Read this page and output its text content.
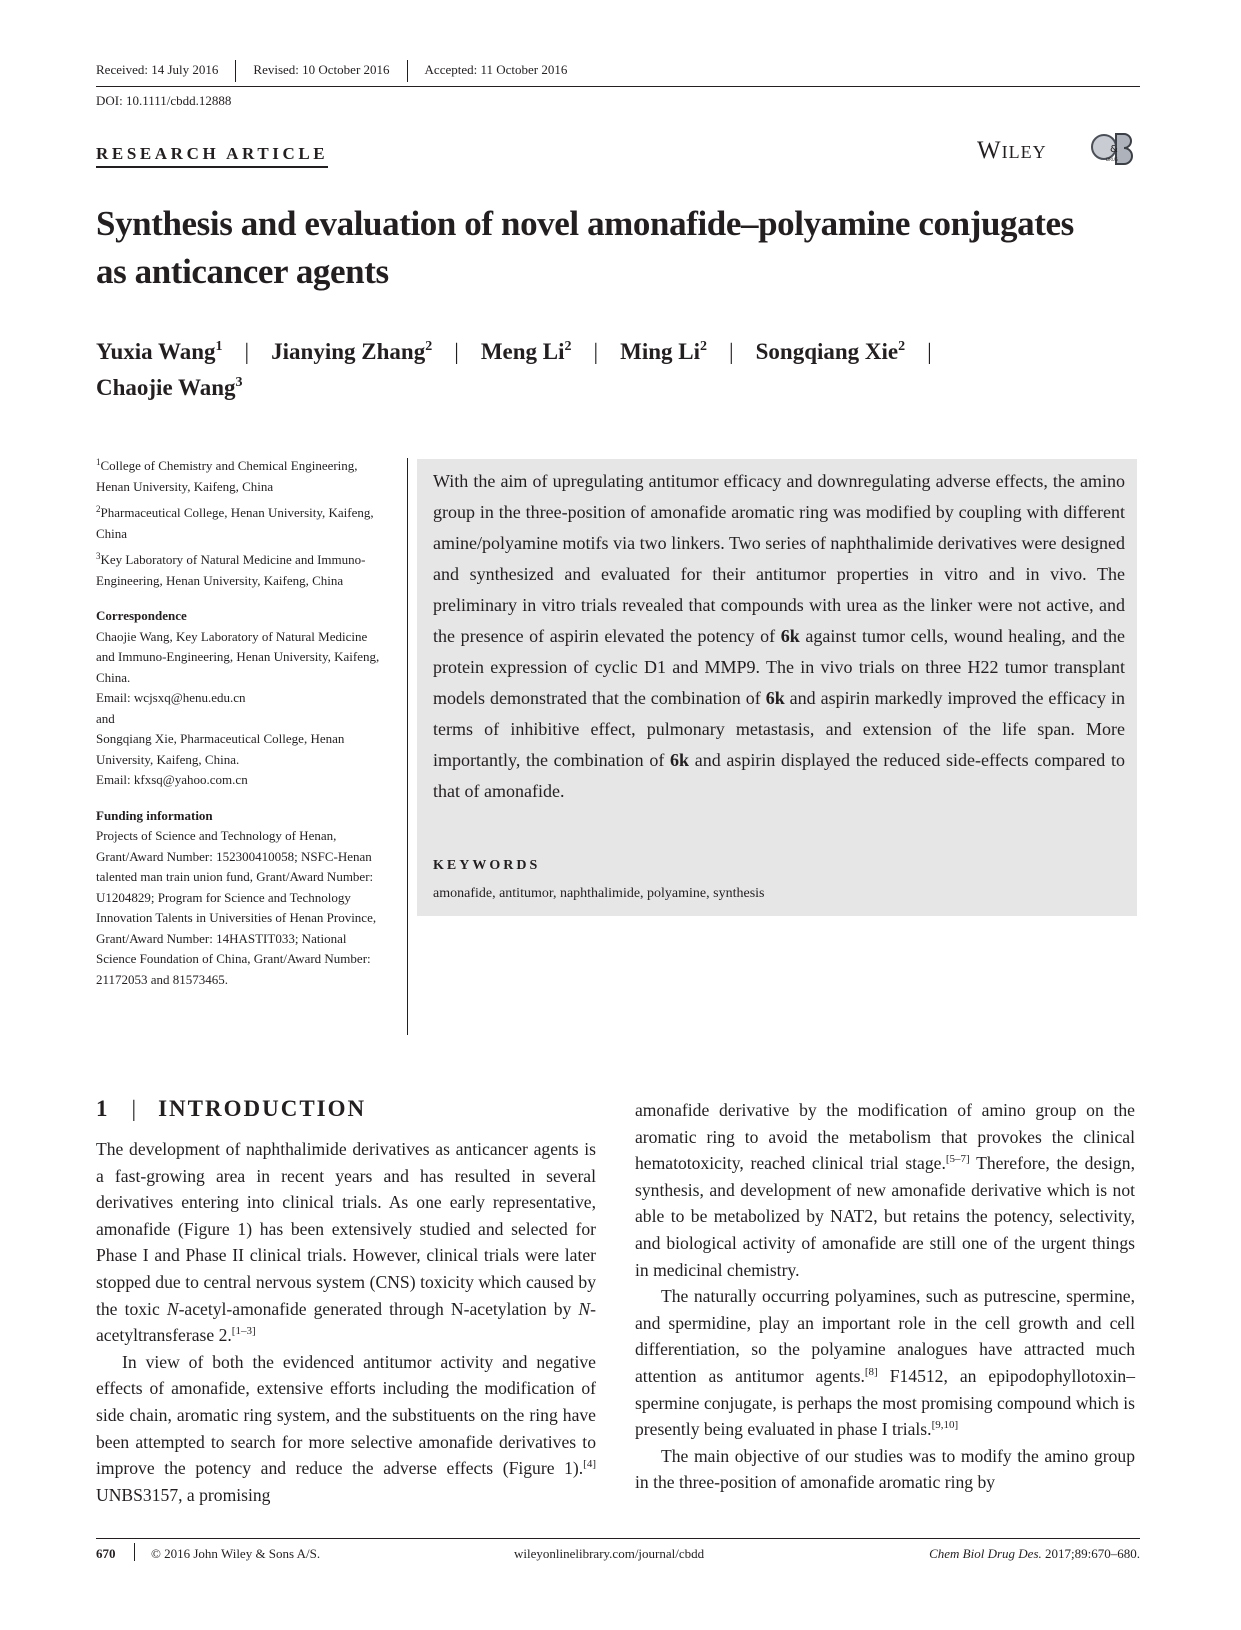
Received: 14 July 2016	Revised: 10 October 2016	Accepted: 11 October 2016
DOI: 10.1111/cbdd.12888
RESEARCH ARTICLE	Wiley	&
DRUG
Synthesis and evaluation of novel amonafide–polyamine conjugates as anticancer agents
Yuxia Wang$^1$ | Jianying Zhang$^2$ | Meng Li$^2$ | Ming Li$^2$ | Songqiang Xie$^2$ |
Chaojie Wang$^3$
$^1$College of Chemistry and Chemical Engineering, Henan University, Kaifeng, China
$^2$Pharmaceutical College, Henan University, Kaifeng, China
$^3$Key Laboratory of Natural Medicine and Immuno-Engineering, Henan University, Kaifeng, China
Correspondence
Chaojie Wang, Key Laboratory of Natural Medicine and Immuno-Engineering, Henan University, Kaifeng, China.
Email: wcjsxq@henu.edu.cn
and
Songqiang Xie, Pharmaceutical College, Henan University, Kaifeng, China.
Email: kfxsq@yahoo.com.cn
Funding information
Projects of Science and Technology of Henan, Grant/Award Number: 152300410058; NSFC-Henan talented man train union fund, Grant/Award Number: U1204829; Program for Science and Technology Innovation Talents in Universities of Henan Province, Grant/Award Number: 14HASTIT033; National Science Foundation of China, Grant/Award Number: 21172053 and 81573465.
With the aim of upregulating antitumor efficacy and downregulating adverse effects, the amino group in the three-position of amonafide aromatic ring was modified by coupling with different amine/polyamine motifs via two linkers. Two series of naphthalimide derivatives were designed and synthesized and evaluated for their antitumor properties in vitro and in vivo. The preliminary in vitro trials revealed that compounds with urea as the linker were not active, and the presence of aspirin elevated the potency of 6k against tumor cells, wound healing, and the protein expression of cyclic D1 and MMP9. The in vivo trials on three H22 tumor transplant models demonstrated that the combination of 6k and aspirin markedly improved the efficacy in terms of inhibitive effect, pulmonary metastasis, and extension of the life span. More importantly, the combination of 6k and aspirin displayed the reduced side-effects compared to that of amonafide.
KEYWORDS
amonafide, antitumor, naphthalimide, polyamine, synthesis
1 | INTRODUCTION

The development of naphthalimide derivatives as anticancer agents is a fast-growing area in recent years and has resulted in several derivatives entering into clinical trials. As one early representative, amonafide (Figure 1) has been extensively studied and selected for Phase I and Phase II clinical trials. However, clinical trials were later stopped due to central nervous system (CNS) toxicity which caused by the toxic N-acetyl-amonafide generated through N-acetylation by N-acetyltransferase 2.[1–3]

In view of both the evidenced antitumor activity and negative effects of amonafide, extensive efforts including the modification of side chain, aromatic ring system, and the substituents on the ring have been attempted to search for more selective amonafide derivatives to improve the potency and reduce the adverse effects (Figure 1).[4] UNBS3157, a promising

amonafide derivative by the modification of amino group on the aromatic ring to avoid the metabolism that provokes the clinical hematotoxicity, reached clinical trial stage.[5–7] Therefore, the design, synthesis, and development of new amonafide derivative which is not able to be metabolized by NAT2, but retains the potency, selectivity, and biological activity of amonafide are still one of the urgent things in medicinal chemistry.

The naturally occurring polyamines, such as putrescine, spermine, and spermidine, play an important role in the cell growth and cell differentiation, so the polyamine analogues have attracted much attention as antitumor agents.[8] F14512, an epipodophyllotoxin–spermine conjugate, is perhaps the most promising compound which is presently being evaluated in phase I trials.[9,10]

The main objective of our studies was to modify the amino group in the three-position of amonafide aromatic ring by

670	© 2016 John Wiley & Sons A/S.	wileyonlinelibrary.com/journal/cbdd	Chem Biol Drug Des. 2017;89:670–680.
